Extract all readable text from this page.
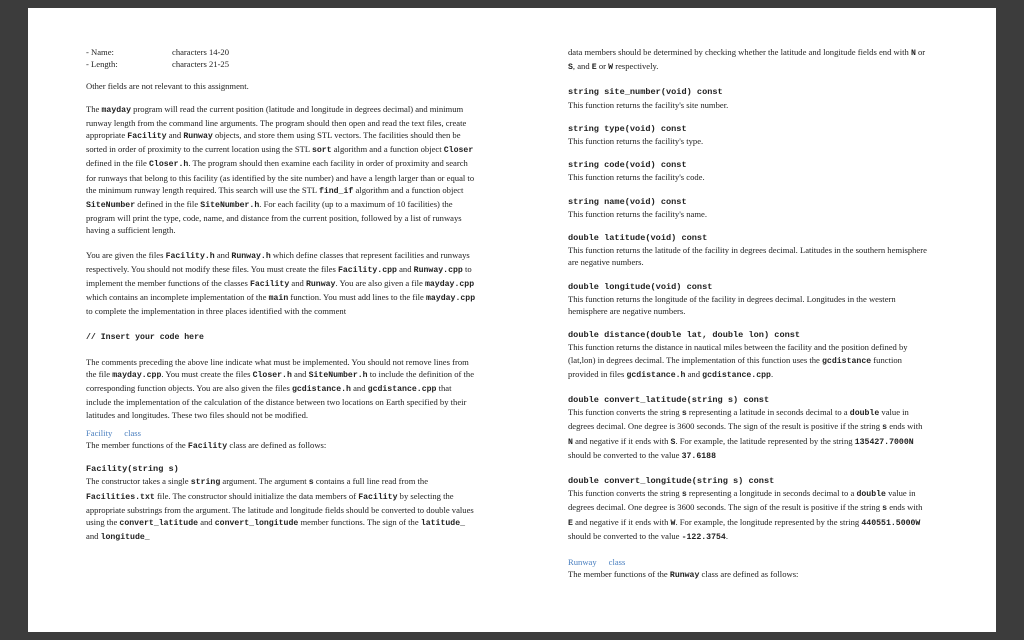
- Name:	characters 14-20
- Length:	characters 21-25

Other fields are not relevant to this assignment.

The mayday program will read the current position (latitude and longitude in degrees decimal) and minimum runway length from the command line arguments. The program should then open and read the text files, create appropriate Facility and Runway objects, and store them using STL vectors. The facilities should then be sorted in order of proximity to the current location using the STL sort algorithm and a function object Closer defined in the file Closer.h. The program should then examine each facility in order of proximity and search for runways that belong to this facility (as identified by the site number) and have a length larger than or equal to the minimum runway length required. This search will use the STL find_if algorithm and a function object SiteNumber defined in the file SiteNumber.h. For each facility (up to a maximum of 10 facilities) the program will print the type, code, name, and distance from the current position, followed by a list of runways having a sufficient length.

You are given the files Facility.h and Runway.h which define classes that represent facilities and runways respectively. You should not modify these files. You must create the files Facility.cpp and Runway.cpp to implement the member functions of the classes Facility and Runway. You are also given a file mayday.cpp which contains an incomplete implementation of the main function. You must add lines to the file mayday.cpp to complete the implementation in three places identified with the comment

// Insert your code here

The comments preceding the above line indicate what must be implemented. You should not remove lines from the file mayday.cpp. You must create the files Closer.h and SiteNumber.h to include the definition of the corresponding function objects. You are also given the files gcdistance.h and gcdistance.cpp that include the implementation of the calculation of the distance between two locations on Earth specified by their latitudes and longitudes. These two files should not be modified.

Facility class

The member functions of the Facility class are defined as follows:

Facility(string s)

The constructor takes a single string argument. The argument s contains a full line read from the Facilities.txt file. The constructor should initialize the data members of Facility by selecting the appropriate substrings from the argument. The latitude and longitude fields should be converted to double values using the convert_latitude and convert_longitude member functions. The sign of the latitude_ and longitude_

data members should be determined by checking whether the latitude and longitude fields end with N or S, and E or W respectively.

string site_number(void) const

This function returns the facility's site number.

string type(void) const

This function returns the facility's type.

string code(void) const

This function returns the facility's code.

string name(void) const

This function returns the facility's name.

double latitude(void) const

This function returns the latitude of the facility in degrees decimal. Latitudes in the southern hemisphere are negative numbers.

double longitude(void) const

This function returns the longitude of the facility in degrees decimal. Longitudes in the western hemisphere are negative numbers.

double distance(double lat, double lon) const

This function returns the distance in nautical miles between the facility and the position defined by (lat,lon) in degrees decimal. The implementation of this function uses the gcdistance function provided in files gcdistance.h and gcdistance.cpp.

double convert_latitude(string s) const

This function converts the string s representing a latitude in seconds decimal to a double value in degrees decimal. One degree is 3600 seconds. The sign of the result is positive if the string s ends with N and negative if it ends with S. For example, the latitude represented by the string 135427.7000N should be converted to the value 37.6188

double convert_longitude(string s) const

This function converts the string s representing a longitude in seconds decimal to a double value in degrees decimal. One degree is 3600 seconds. The sign of the result is positive if the string s ends with E and negative if it ends with W. For example, the longitude represented by the string 440551.5000W should be converted to the value -122.3754.

Runway class

The member functions of the Runway class are defined as follows:
